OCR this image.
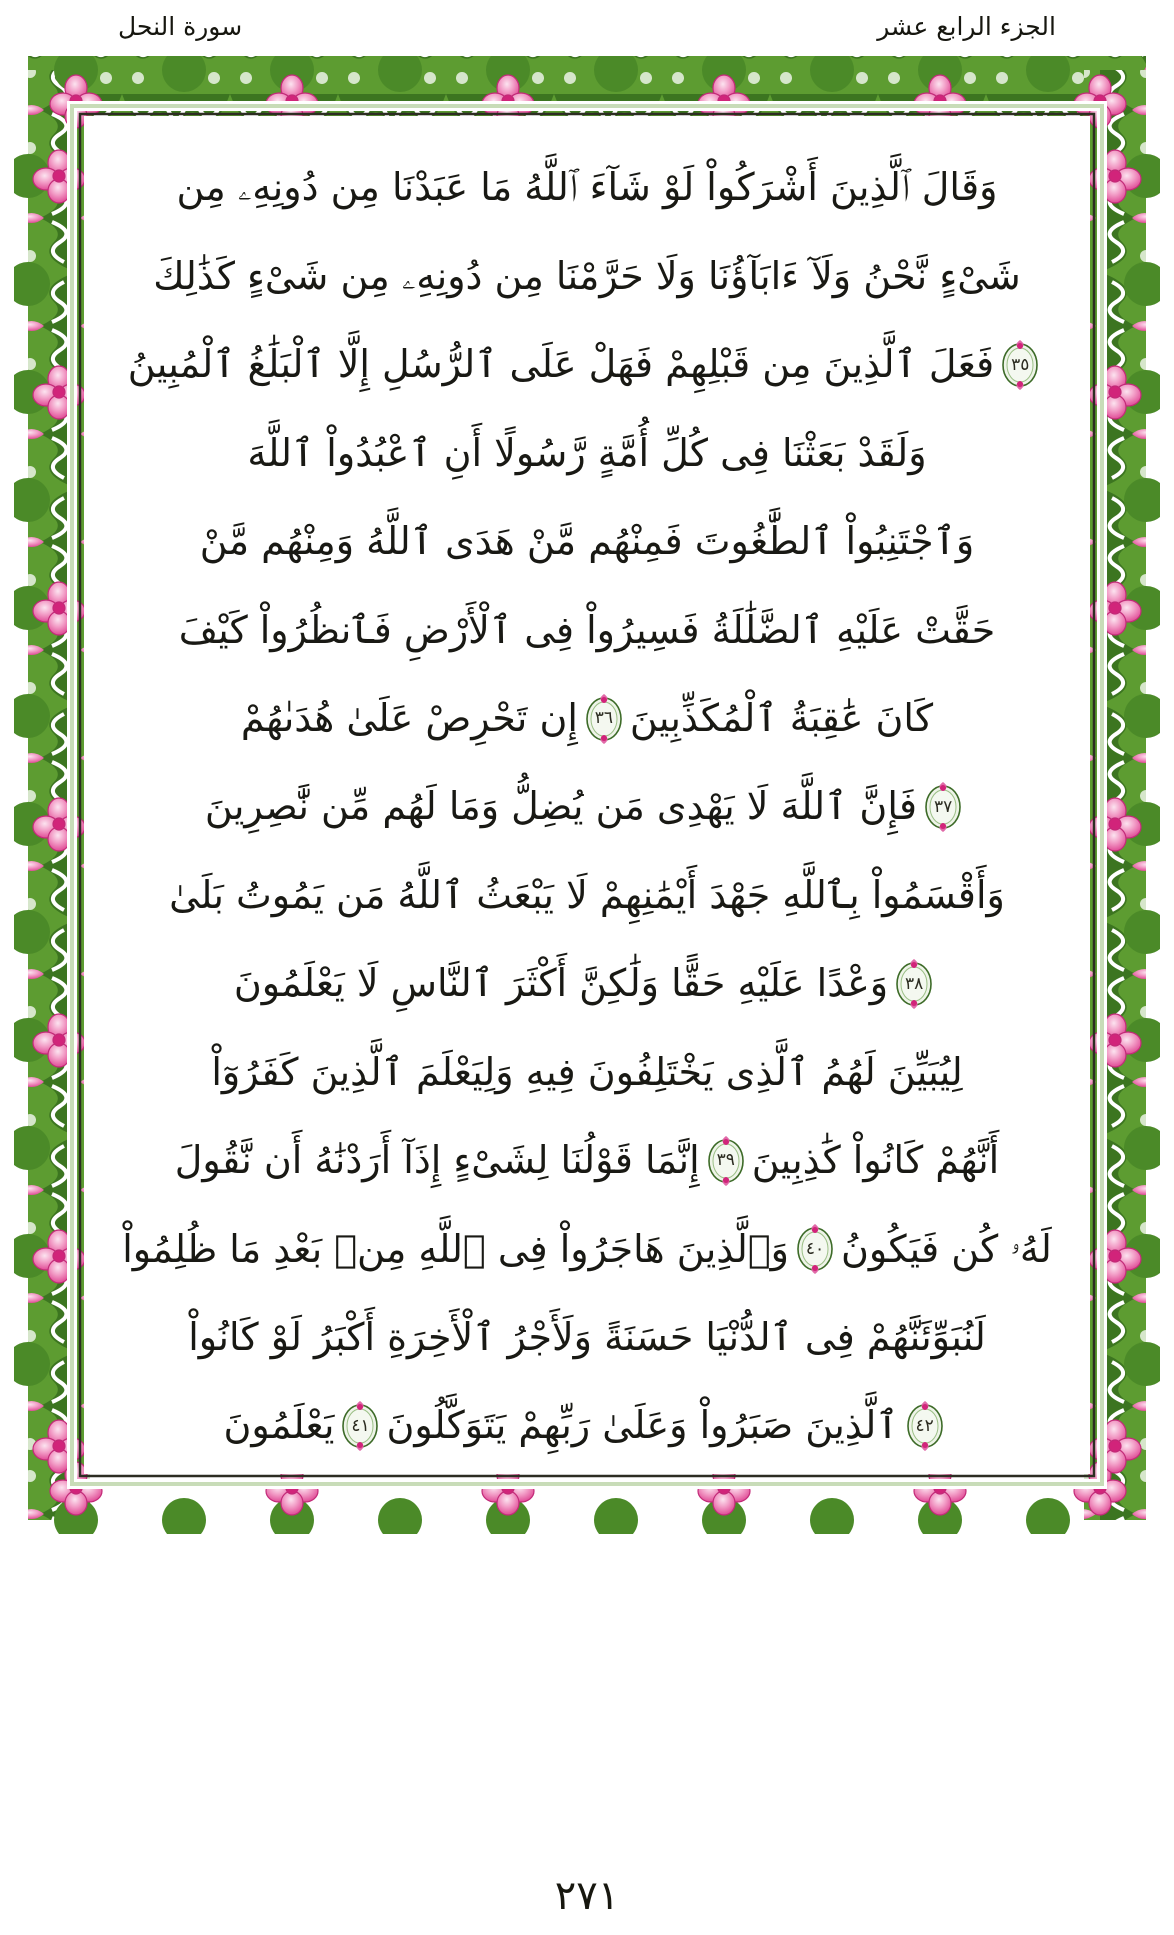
سورة النحل	الجزء الرابع عشر
وَقَالَ ٱلَّذِينَ أَشْرَكُواْ لَوْ شَآءَ ٱللَّهُ مَا عَبَدْنَا مِن دُونِهِۦ مِن
شَىْءٍ نَّحْنُ وَلَآ ءَابَآؤُنَا وَلَا حَرَّمْنَا مِن دُونِهِۦ مِن شَىْءٍ كَذَٰلِكَ
٣٥
فَعَلَ ٱلَّذِينَ مِن قَبْلِهِمْ فَهَلْ عَلَى ٱلرُّسُلِ إِلَّا ٱلْبَلَٰغُ ٱلْمُبِينُ
وَلَقَدْ بَعَثْنَا فِى كُلِّ أُمَّةٍ رَّسُولًا أَنِ ٱعْبُدُواْ ٱللَّهَ
وَٱجْتَنِبُواْ ٱلطَّٰغُوتَ فَمِنْهُم مَّنْ هَدَى ٱللَّهُ وَمِنْهُم مَّنْ
حَقَّتْ عَلَيْهِ ٱلضَّلَٰلَةُ فَسِيرُواْ فِى ٱلْأَرْضِ فَٱنظُرُواْ كَيْفَ
كَانَ عَٰقِبَةُ ٱلْمُكَذِّبِينَ
٣٦
إِن تَحْرِصْ عَلَىٰ هُدَىٰهُمْ
٣٧
فَإِنَّ ٱللَّهَ لَا يَهْدِى مَن يُضِلُّ وَمَا لَهُم مِّن نَّٰصِرِينَ
وَأَقْسَمُواْ بِٱللَّهِ جَهْدَ أَيْمَٰنِهِمْ لَا يَبْعَثُ ٱللَّهُ مَن يَمُوتُ بَلَىٰ
٣٨
وَعْدًا عَلَيْهِ حَقًّا وَلَٰكِنَّ أَكْثَرَ ٱلنَّاسِ لَا يَعْلَمُونَ
لِيُبَيِّنَ لَهُمُ ٱلَّذِى يَخْتَلِفُونَ فِيهِ وَلِيَعْلَمَ ٱلَّذِينَ كَفَرُوٓاْ
أَنَّهُمْ كَانُواْ كَٰذِبِينَ
٣٩
إِنَّمَا قَوْلُنَا لِشَىْءٍ إِذَآ أَرَدْنَٰهُ أَن نَّقُولَ
لَهُۥ كُن فَيَكُونُ
٤٠
وَٱلَّذِينَ هَاجَرُواْ فِى ٱللَّهِ مِنۢ بَعْدِ مَا ظُلِمُواْ
لَنُبَوِّئَنَّهُمْ فِى ٱلدُّنْيَا حَسَنَةً وَلَأَجْرُ ٱلْأَخِرَةِ أَكْبَرُ لَوْ كَانُواْ
٤٢
ٱلَّذِينَ صَبَرُواْ وَعَلَىٰ رَبِّهِمْ يَتَوَكَّلُونَ
٤١
يَعْلَمُونَ
٢٧١
